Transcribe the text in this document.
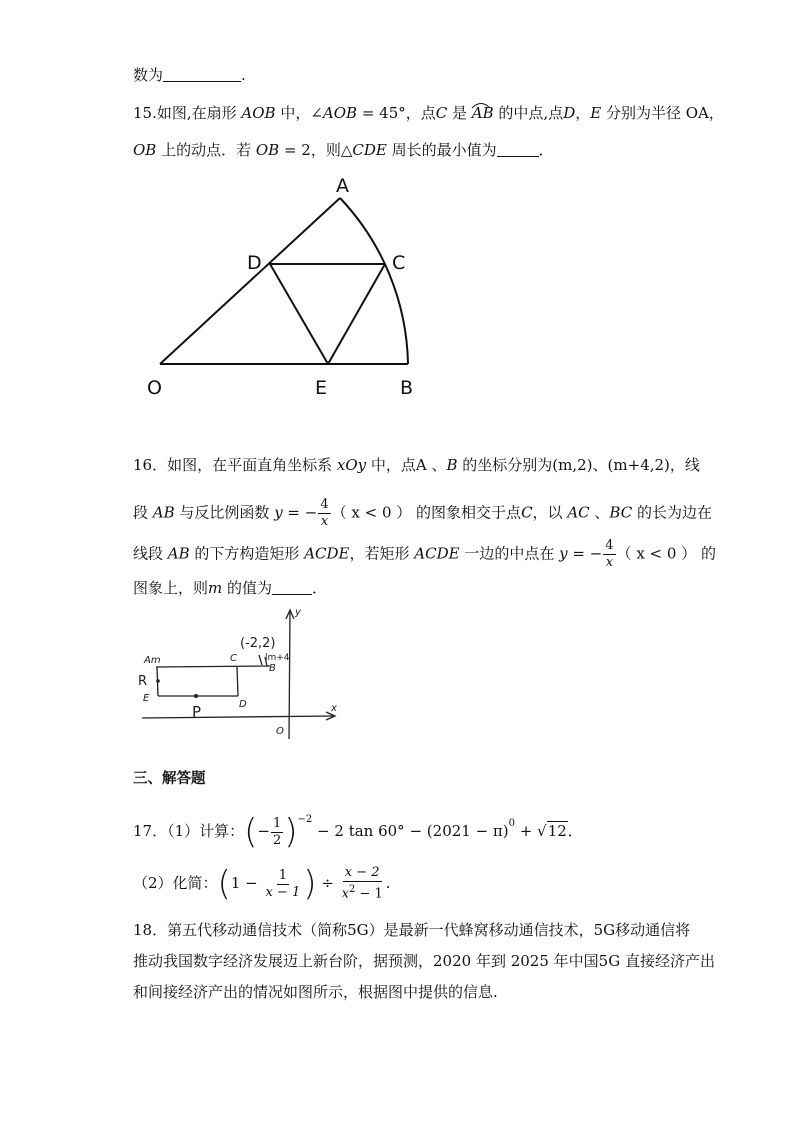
数为	.
15.如图,在扇形 AOB 中，∠AOB = 45°，点C 是
AB 的中点,点D，E 分别为半径 OA，
OB 上的动点．若 OB = 2，则△CDE 周长的最小值为	．
A
D	C
O	E	B
16．如图，在平面直角坐标系 xOy 中，点A 、B 的坐标分别为(m,2)、(m+4,2)，线
段 AB 与反比例函数 y = − $\frac{4}{x}$ （ x < 0 ） 的图象相交于点C，以 AC 、BC 的长为边在
线段 AB 的下方构造矩形 ACDE，若矩形 ACDE 一边的中点在 y = − $\frac{4}{x}$ （ x < 0 ） 的
图象上，则m 的值为	．
y
x
O
Am	C
B
E
D
P
R
(-2,2)
lm+4
三、解答题
17．（1）计算：(− $\frac{1}{2} )^{-2} - 2$ $\tan 60^\circ - (2021 - \pi)^0 + √12$．
（2）化简：($1 - \frac{1}{x - 1}$ ) ÷ $\frac{x - 2}{x^2 - 1}$ .
18．第五代移动通信技术（简称5G）是最新一代蜂窝移动通信技术，5G移动通信将
推动我国数字经济发展迈上新台阶，据预测，2020 年到 2025 年中国5G 直接经济产出
和间接经济产出的情况如图所示，根据图中提供的信息.
